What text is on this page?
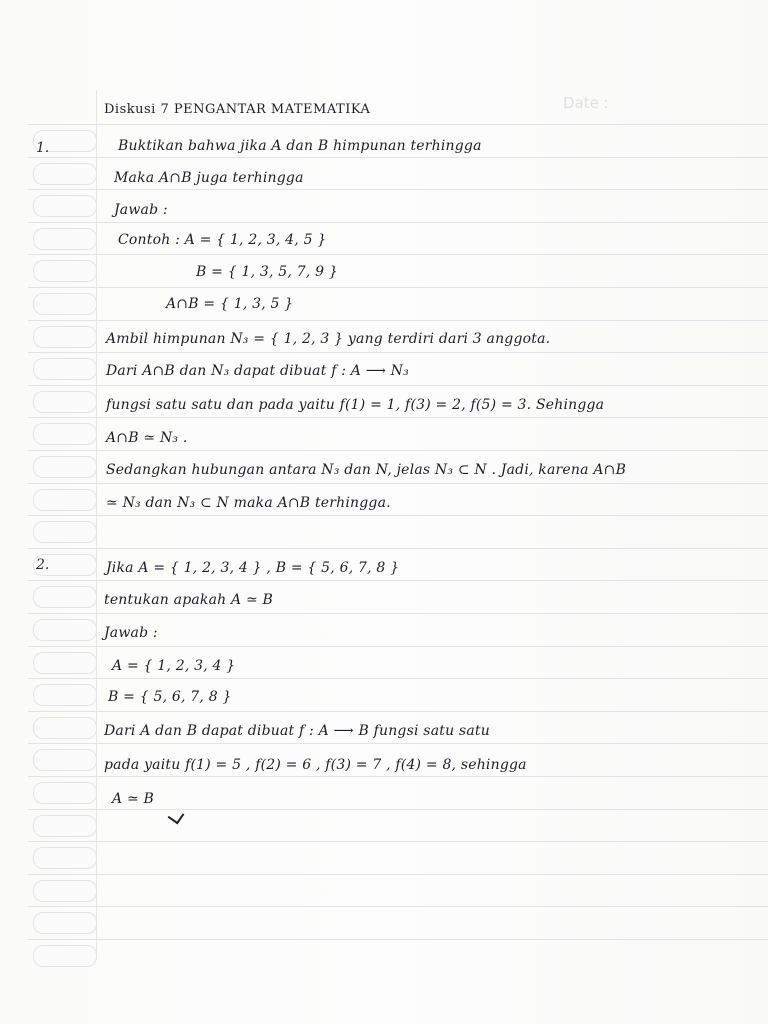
Date :
Diskusi 7 PENGANTAR MATEMATIKA
1.	Buktikan bahwa jika A dan B himpunan terhingga
Maka A∩B juga terhingga
Jawab :
Contoh : A = { 1, 2, 3, 4, 5 }
B = { 1, 3, 5, 7, 9 }
A∩B = { 1, 3, 5 }
Ambil himpunan N₃ = { 1, 2, 3 } yang terdiri dari 3 anggota.
Dari A∩B dan N₃ dapat dibuat f : A ⟶ N₃
fungsi satu satu dan pada yaitu f(1) = 1, f(3) = 2, f(5) = 3. Sehingga
A∩B ≃ N₃ .
Sedangkan hubungan antara N₃ dan N, jelas N₃ ⊂ N . Jadi, karena A∩B
≃ N₃ dan N₃ ⊂ N maka A∩B terhingga.
2.	Jika A = { 1, 2, 3, 4 } , B = { 5, 6, 7, 8 }
tentukan apakah A ≃ B
Jawab :
A = { 1, 2, 3, 4 }
B = { 5, 6, 7, 8 }
Dari A dan B dapat dibuat f : A ⟶ B fungsi satu satu
pada yaitu f(1) = 5 , f(2) = 6 , f(3) = 7 , f(4) = 8, sehingga
A ≃ B
